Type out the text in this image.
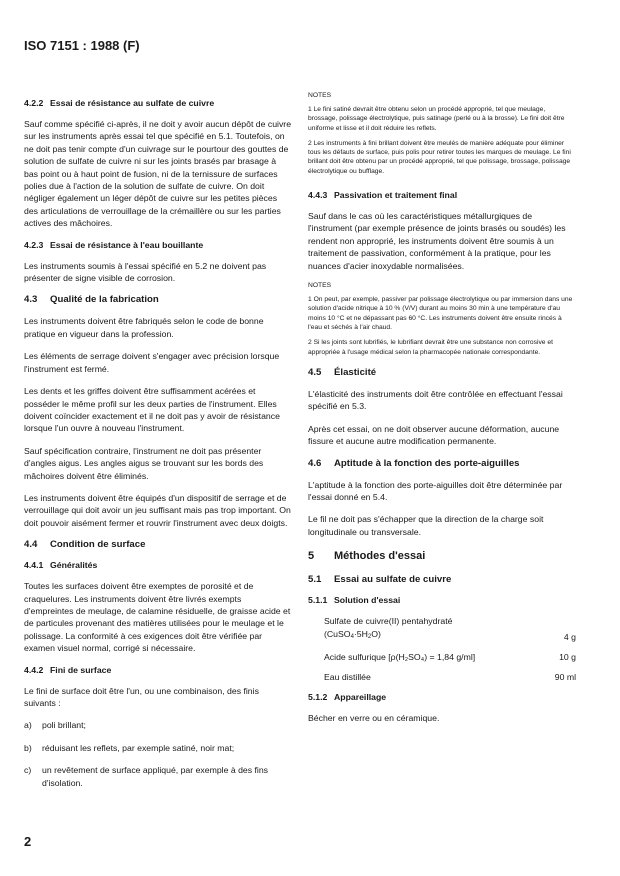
ISO 7151 : 1988 (F)
4.2.2 Essai de résistance au sulfate de cuivre

Sauf comme spécifié ci-après, il ne doit y avoir aucun dépôt de cuivre sur les instruments après essai tel que spécifié en 5.1. Toutefois, on ne doit pas tenir compte d'un cuivrage sur le pourtour des gouttes de solution de sulfate de cuivre ni sur les joints brasés par brasage à bas point ou à haut point de fusion, ni de la ternissure de surfaces polies due à l'action de la solution de sulfate de cuivre. On doit négliger également un léger dépôt de cuivre sur les petites pièces des articulations de verrouillage de la crémaillère ou sur les parties actives des mâchoires.

4.2.3 Essai de résistance à l'eau bouillante

Les instruments soumis à l'essai spécifié en 5.2 ne doivent pas présenter de signe visible de corrosion.

4.3 Qualité de la fabrication

Les instruments doivent être fabriqués selon le code de bonne pratique en vigueur dans la profession.

Les éléments de serrage doivent s'engager avec précision lorsque l'instrument est fermé.

Les dents et les griffes doivent être suffisamment acérées et posséder le même profil sur les deux parties de l'instrument. Elles doivent coïncider exactement et il ne doit pas y avoir de résistance lorsque l'un ouvre à nouveau l'instrument.

Sauf spécification contraire, l'instrument ne doit pas présenter d'angles aigus. Les angles aigus se trouvant sur les bords des mâchoires doivent être éliminés.

Les instruments doivent être équipés d'un dispositif de serrage et de verrouillage qui doit avoir un jeu suffisant mais pas trop important. On doit pouvoir aisément fermer et rouvrir l'instrument avec deux doigts.

4.4 Condition de surface
4.4.1 Généralités

Toutes les surfaces doivent être exemptes de porosité et de craquelures. Les instruments doivent être livrés exempts d'empreintes de meulage, de calamine résiduelle, de graisse acide et de particules provenant des matières utilisées pour le meulage et le polissage. La conformité à ces exigences doit être vérifiée par examen visuel normal, corrigé si nécessaire.

4.4.2 Fini de surface

Le fini de surface doit être l'un, ou une combinaison, des finis suivants :

a)	poli brillant;
b)	réduisant les reflets, par exemple satiné, noir mat;
c)	un revêtement de surface appliqué, par exemple à des fins d'isolation.
NOTES

1 Le fini satiné devrait être obtenu selon un procédé approprié, tel que meulage, brossage, polissage électrolytique, puis satinage (perlé ou à la brosse). Le fini doit être uniforme et lisse et il doit réduire les reflets.

2 Les instruments à fini brillant doivent être meulés de manière adéquate pour éliminer tous les défauts de surface, puis polis pour retirer toutes les marques de meulage. Le fini brillant doit être obtenu par un procédé approprié, tel que polissage, brossage, polissage électrolytique ou bufflage.

4.4.3 Passivation et traitement final

Sauf dans le cas où les caractéristiques métallurgiques de l'instrument (par exemple présence de joints brasés ou soudés) les rendent non approprié, les instruments doivent être soumis à un traitement de passivation, conformément à la pratique, pour les nuances d'acier inoxydable normalisées.

NOTES

1 On peut, par exemple, passiver par polissage électrolytique ou par immersion dans une solution d'acide nitrique à 10 % (V/V) durant au moins 30 min à une température d'au moins 10 °C et ne dépassant pas 60 °C. Les instruments doivent être ensuite rincés à l'eau et séchés à l'air chaud.

2 Si les joints sont lubrifiés, le lubrifiant devrait être une substance non corrosive et appropriée à l'usage médical selon la pharmacopée nationale correspondante.

4.5 Élasticité

L'élasticité des instruments doit être contrôlée en effectuant l'essai spécifié en 5.3.

Après cet essai, on ne doit observer aucune déformation, aucune fissure et aucune autre modification permanente.

4.6 Aptitude à la fonction des porte-aiguilles

L'aptitude à la fonction des porte-aiguilles doit être déterminée par l'essai donné en 5.4.

Le fil ne doit pas s'échapper que la direction de la charge soit longitudinale ou transversale.

5 Méthodes d'essai
5.1 Essai au sulfate de cuivre
5.1.1 Solution d'essai
Sulfate de cuivre(II) pentahydraté
(CuSO4·5H2O)	4 g
Acide sulfurique [ρ(H₂SO₄) = 1,84 g/ml]	10 g
Eau distillée	90 ml
5.1.2 Appareillage

Bécher en verre ou en céramique.

2
